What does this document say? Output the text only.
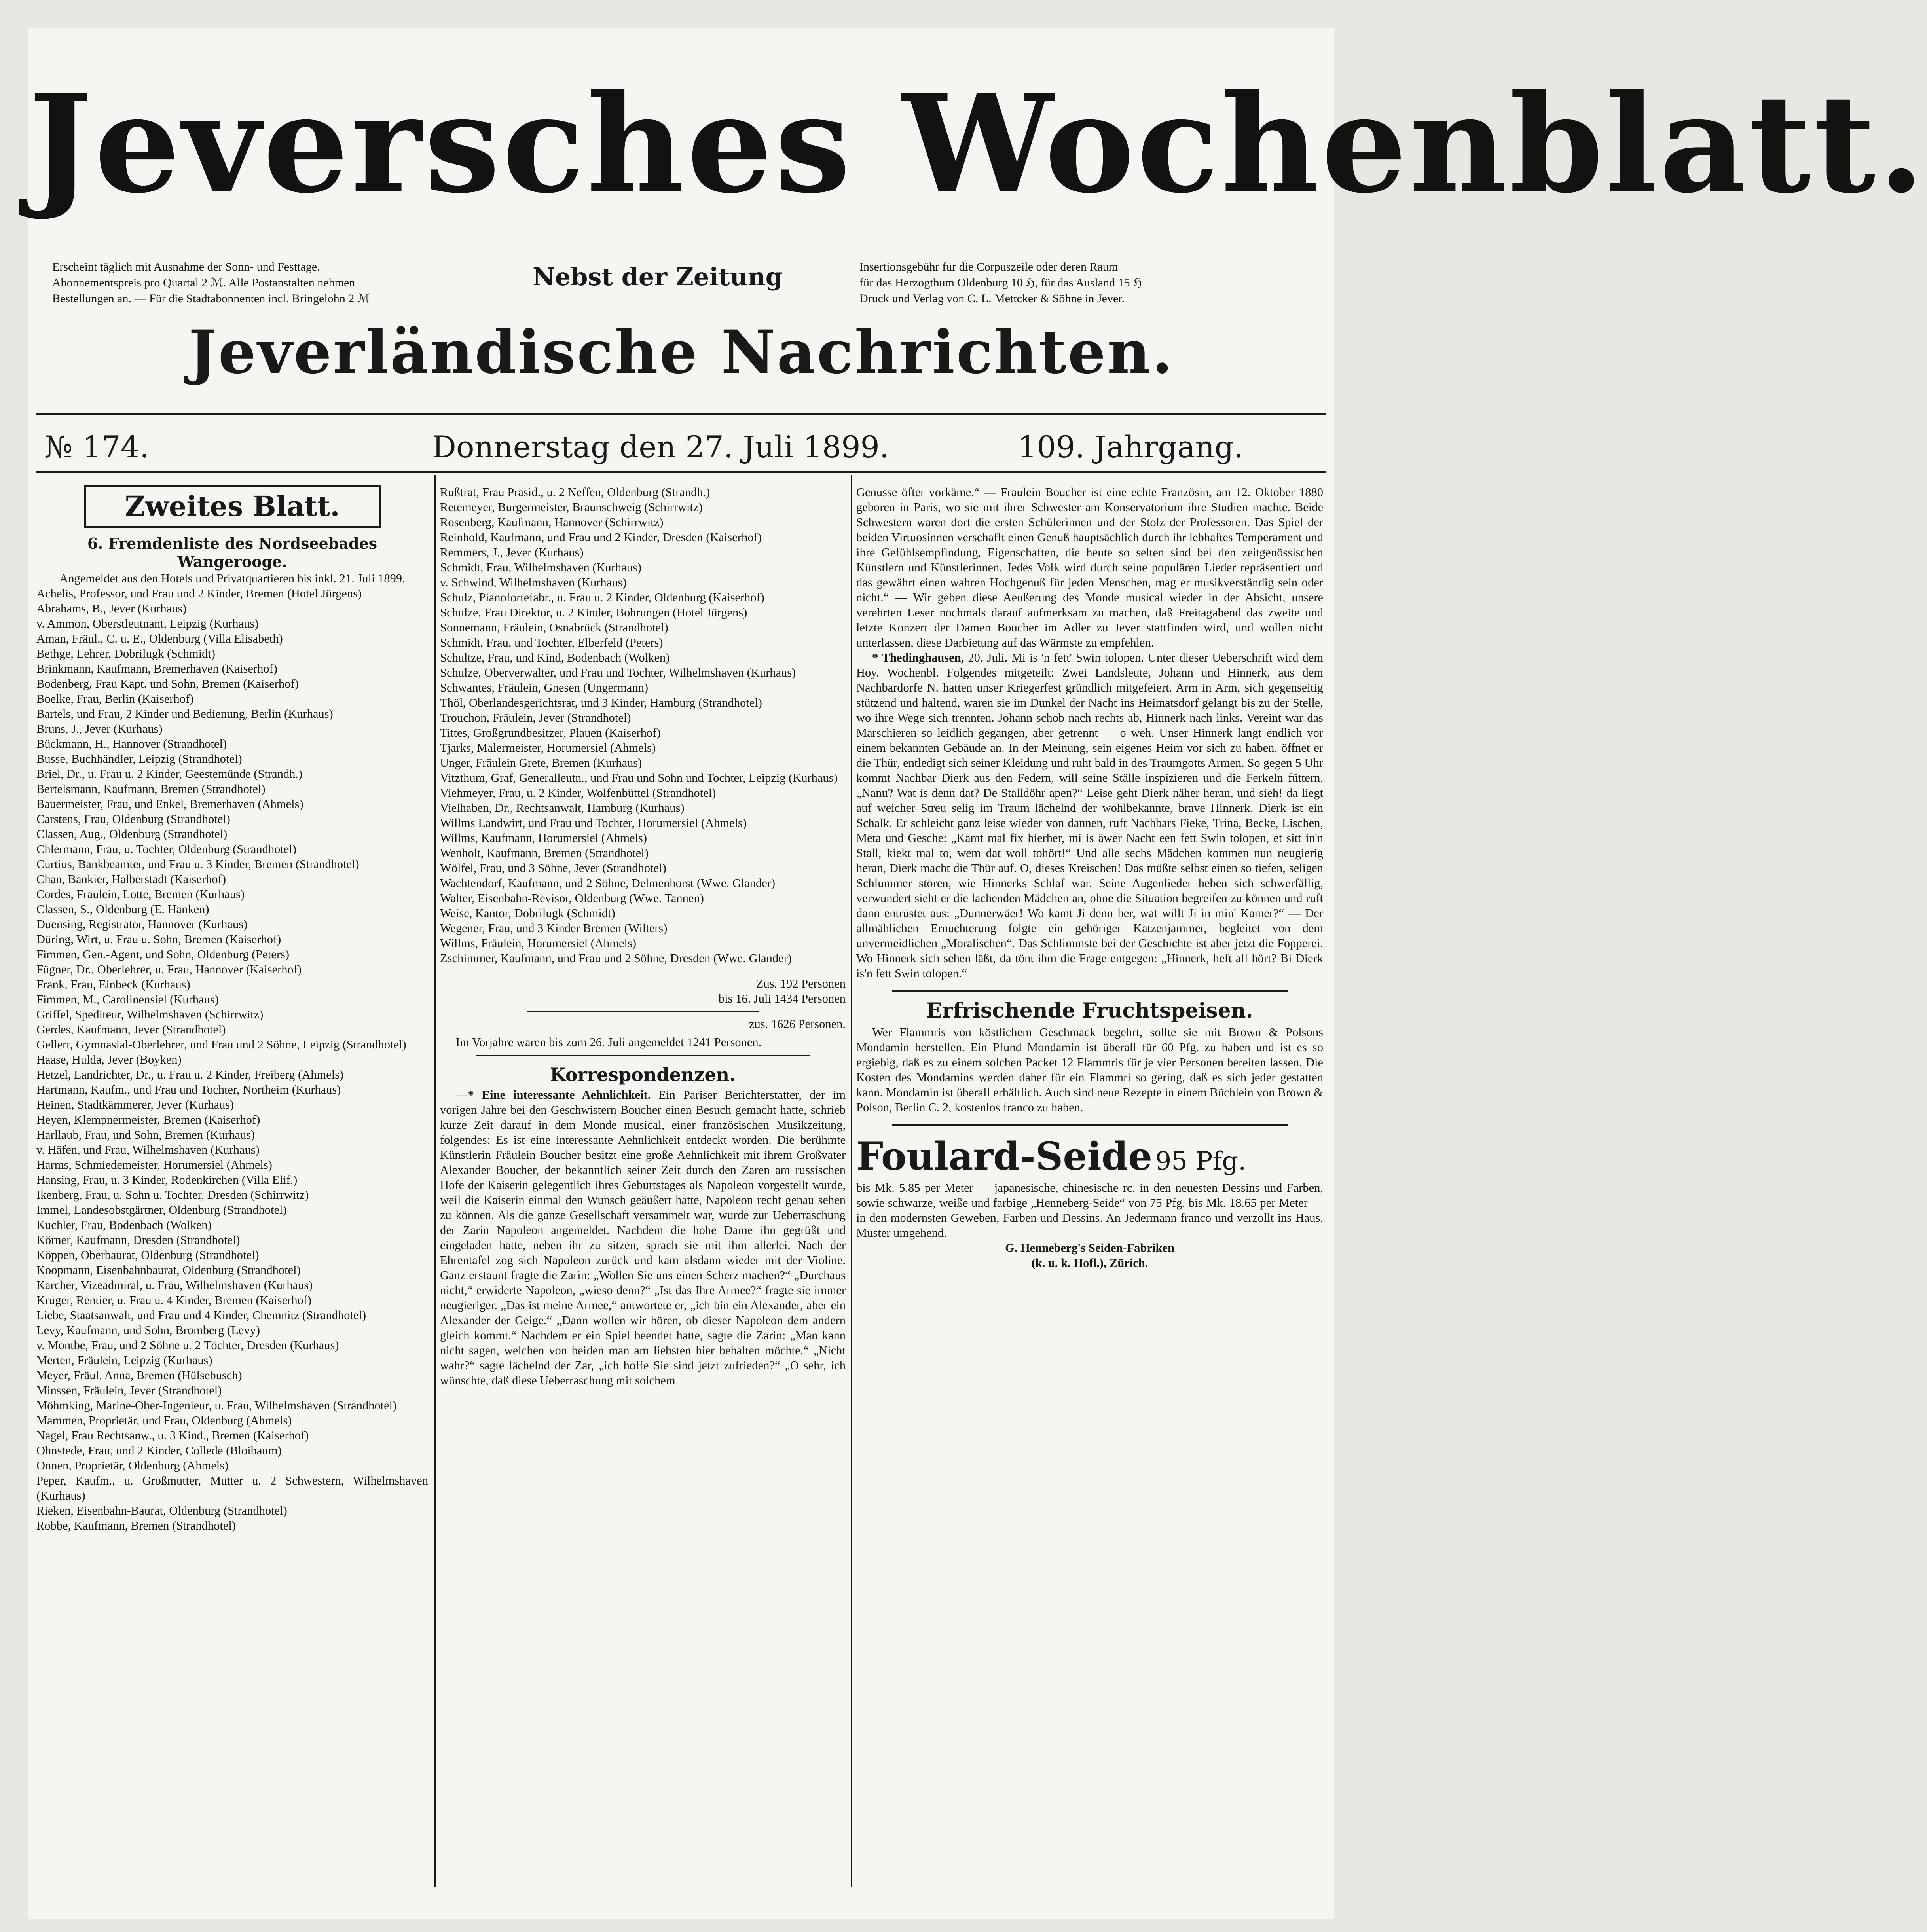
Jeversches Wochenblatt.
Erscheint täglich mit Ausnahme der Sonn- und Festtage.
Abonnementspreis pro Quartal 2 ℳ. Alle Postanstalten nehmen
Bestellungen an. — Für die Stadtabonnenten incl. Bringelohn 2 ℳ
Nebst der Zeitung	Insertionsgebühr für die Corpuszeile oder deren Raum
für das Herzogthum Oldenburg 10 ℌ, für das Ausland 15 ℌ
Druck und Verlag von C. L. Mettcker & Söhne in Jever.
Jeverländische Nachrichten.
№ 174.	Donnerstag den 27. Juli 1899.	109. Jahrgang.
Zweites Blatt.

6. Fremdenliste des Nordseebades Wangerooge.

Angemeldet aus den Hotels und Privatquartieren bis inkl. 21. Juli 1899.

Achelis, Professor, und Frau und 2 Kinder, Bremen (Hotel Jürgens)

Abrahams, B., Jever (Kurhaus)

v. Ammon, Oberstleutnant, Leipzig (Kurhaus)

Aman, Fräul., C. u. E., Oldenburg (Villa Elisabeth)

Bethge, Lehrer, Dobrilugk (Schmidt)

Brinkmann, Kaufmann, Bremerhaven (Kaiserhof)

Bodenberg, Frau Kapt. und Sohn, Bremen (Kaiserhof)

Boelke, Frau, Berlin (Kaiserhof)

Bartels, und Frau, 2 Kinder und Bedienung, Berlin (Kurhaus)

Bruns, J., Jever (Kurhaus)

Bückmann, H., Hannover (Strandhotel)

Busse, Buchhändler, Leipzig (Strandhotel)

Briel, Dr., u. Frau u. 2 Kinder, Geestemünde (Strandh.)

Bertelsmann, Kaufmann, Bremen (Strandhotel)

Bauermeister, Frau, und Enkel, Bremerhaven (Ahmels)

Carstens, Frau, Oldenburg (Strandhotel)

Classen, Aug., Oldenburg (Strandhotel)

Chlermann, Frau, u. Tochter, Oldenburg (Strandhotel)

Curtius, Bankbeamter, und Frau u. 3 Kinder, Bremen (Strandhotel)

Chan, Bankier, Halberstadt (Kaiserhof)

Cordes, Fräulein, Lotte, Bremen (Kurhaus)

Classen, S., Oldenburg (E. Hanken)

Duensing, Registrator, Hannover (Kurhaus)

Düring, Wirt, u. Frau u. Sohn, Bremen (Kaiserhof)

Fimmen, Gen.-Agent, und Sohn, Oldenburg (Peters)

Fügner, Dr., Oberlehrer, u. Frau, Hannover (Kaiserhof)

Frank, Frau, Einbeck (Kurhaus)

Fimmen, M., Carolinensiel (Kurhaus)

Griffel, Spediteur, Wilhelmshaven (Schirrwitz)

Gerdes, Kaufmann, Jever (Strandhotel)

Gellert, Gymnasial-Oberlehrer, und Frau und 2 Söhne, Leipzig (Strandhotel)

Haase, Hulda, Jever (Boyken)

Hetzel, Landrichter, Dr., u. Frau u. 2 Kinder, Freiberg (Ahmels)

Hartmann, Kaufm., und Frau und Tochter, Northeim (Kurhaus)

Heinen, Stadtkämmerer, Jever (Kurhaus)

Heyen, Klempnermeister, Bremen (Kaiserhof)

Harllaub, Frau, und Sohn, Bremen (Kurhaus)

v. Häfen, und Frau, Wilhelmshaven (Kurhaus)

Harms, Schmiedemeister, Horumersiel (Ahmels)

Hansing, Frau, u. 3 Kinder, Rodenkirchen (Villa Elif.)

Ikenberg, Frau, u. Sohn u. Tochter, Dresden (Schirrwitz)

Immel, Landesobstgärtner, Oldenburg (Strandhotel)

Kuchler, Frau, Bodenbach (Wolken)

Körner, Kaufmann, Dresden (Strandhotel)

Köppen, Oberbaurat, Oldenburg (Strandhotel)

Koopmann, Eisenbahnbaurat, Oldenburg (Strandhotel)

Karcher, Vizeadmiral, u. Frau, Wilhelmshaven (Kurhaus)

Krüger, Rentier, u. Frau u. 4 Kinder, Bremen (Kaiserhof)

Liebe, Staatsanwalt, und Frau und 4 Kinder, Chemnitz (Strandhotel)

Levy, Kaufmann, und Sohn, Bromberg (Levy)

v. Montbe, Frau, und 2 Söhne u. 2 Töchter, Dresden (Kurhaus)

Merten, Fräulein, Leipzig (Kurhaus)

Meyer, Fräul. Anna, Bremen (Hülsebusch)

Minssen, Fräulein, Jever (Strandhotel)

Möhmking, Marine-Ober-Ingenieur, u. Frau, Wilhelmshaven (Strandhotel)

Mammen, Proprietär, und Frau, Oldenburg (Ahmels)

Nagel, Frau Rechtsanw., u. 3 Kind., Bremen (Kaiserhof)

Ohnstede, Frau, und 2 Kinder, Collede (Bloibaum)

Onnen, Proprietär, Oldenburg (Ahmels)

Peper, Kaufm., u. Großmutter, Mutter u. 2 Schwestern, Wilhelmshaven (Kurhaus)

Rieken, Eisenbahn-Baurat, Oldenburg (Strandhotel)

Robbe, Kaufmann, Bremen (Strandhotel)

Rußtrat, Frau Präsid., u. 2 Neffen, Oldenburg (Strandh.)

Retemeyer, Bürgermeister, Braunschweig (Schirrwitz)

Rosenberg, Kaufmann, Hannover (Schirrwitz)

Reinhold, Kaufmann, und Frau und 2 Kinder, Dresden (Kaiserhof)

Remmers, J., Jever (Kurhaus)

Schmidt, Frau, Wilhelmshaven (Kurhaus)

v. Schwind, Wilhelmshaven (Kurhaus)

Schulz, Pianofortefabr., u. Frau u. 2 Kinder, Oldenburg (Kaiserhof)

Schulze, Frau Direktor, u. 2 Kinder, Bohrungen (Hotel Jürgens)

Sonnemann, Fräulein, Osnabrück (Strandhotel)

Schmidt, Frau, und Tochter, Elberfeld (Peters)

Schultze, Frau, und Kind, Bodenbach (Wolken)

Schulze, Oberverwalter, und Frau und Tochter, Wilhelmshaven (Kurhaus)

Schwantes, Fräulein, Gnesen (Ungermann)

Thöl, Oberlandesgerichtsrat, und 3 Kinder, Hamburg (Strandhotel)

Trouchon, Fräulein, Jever (Strandhotel)

Tittes, Großgrundbesitzer, Plauen (Kaiserhof)

Tjarks, Malermeister, Horumersiel (Ahmels)

Unger, Fräulein Grete, Bremen (Kurhaus)

Vitzthum, Graf, Generalleutn., und Frau und Sohn und Tochter, Leipzig (Kurhaus)

Viehmeyer, Frau, u. 2 Kinder, Wolfenbüttel (Strandhotel)

Vielhaben, Dr., Rechtsanwalt, Hamburg (Kurhaus)

Willms Landwirt, und Frau und Tochter, Horumersiel (Ahmels)

Willms, Kaufmann, Horumersiel (Ahmels)

Wenholt, Kaufmann, Bremen (Strandhotel)

Wölfel, Frau, und 3 Söhne, Jever (Strandhotel)

Wachtendorf, Kaufmann, und 2 Söhne, Delmenhorst (Wwe. Glander)

Walter, Eisenbahn-Revisor, Oldenburg (Wwe. Tannen)

Weise, Kantor, Dobrilugk (Schmidt)

Wegener, Frau, und 3 Kinder Bremen (Wilters)

Willms, Fräulein, Horumersiel (Ahmels)

Zschimmer, Kaufmann, und Frau und 2 Söhne, Dresden (Wwe. Glander)

Zus. 192 Personen

bis 16. Juli 1434 Personen

zus. 1626 Personen.

Im Vorjahre waren bis zum 26. Juli angemeldet 1241 Personen.

Korrespondenzen.

—* Eine interessante Aehnlichkeit. Ein Pariser Berichterstatter, der im vorigen Jahre bei den Geschwistern Boucher einen Besuch gemacht hatte, schrieb kurze Zeit darauf in dem Monde musical, einer französischen Musikzeitung, folgendes: Es ist eine interessante Aehnlichkeit entdeckt worden. Die berühmte Künstlerin Fräulein Boucher besitzt eine große Aehnlichkeit mit ihrem Großvater Alexander Boucher, der bekanntlich seiner Zeit durch den Zaren am russischen Hofe der Kaiserin gelegentlich ihres Geburtstages als Napoleon vorgestellt wurde, weil die Kaiserin einmal den Wunsch geäußert hatte, Napoleon recht genau sehen zu können. Als die ganze Gesellschaft versammelt war, wurde zur Ueberraschung der Zarin Napoleon angemeldet. Nachdem die hohe Dame ihn gegrüßt und eingeladen hatte, neben ihr zu sitzen, sprach sie mit ihm allerlei. Nach der Ehrentafel zog sich Napoleon zurück und kam alsdann wieder mit der Violine. Ganz erstaunt fragte die Zarin: „Wollen Sie uns einen Scherz machen?“ „Durchaus nicht,“ erwiderte Napoleon, „wieso denn?“ „Ist das Ihre Armee?“ fragte sie immer neugieriger. „Das ist meine Armee,“ antwortete er, „ich bin ein Alexander, aber ein Alexander der Geige.“ „Dann wollen wir hören, ob dieser Napoleon dem andern gleich kommt.“ Nachdem er ein Spiel beendet hatte, sagte die Zarin: „Man kann nicht sagen, welchen von beiden man am liebsten hier behalten möchte.“ „Nicht wahr?“ sagte lächelnd der Zar, „ich hoffe Sie sind jetzt zufrieden?“ „O sehr, ich wünschte, daß diese Ueberraschung mit solchem

Genusse öfter vorkäme.“ — Fräulein Boucher ist eine echte Französin, am 12. Oktober 1880 geboren in Paris, wo sie mit ihrer Schwester am Konservatorium ihre Studien machte. Beide Schwestern waren dort die ersten Schülerinnen und der Stolz der Professoren. Das Spiel der beiden Virtuosinnen verschafft einen Genuß hauptsächlich durch ihr lebhaftes Temperament und ihre Gefühlsempfindung, Eigenschaften, die heute so selten sind bei den zeitgenössischen Künstlern und Künstlerinnen. Jedes Volk wird durch seine populären Lieder repräsentiert und das gewährt einen wahren Hochgenuß für jeden Menschen, mag er musikverständig sein oder nicht.“ — Wir geben diese Aeußerung des Monde musical wieder in der Absicht, unsere verehrten Leser nochmals darauf aufmerksam zu machen, daß Freitagabend das zweite und letzte Konzert der Damen Boucher im Adler zu Jever stattfinden wird, und wollen nicht unterlassen, diese Darbietung auf das Wärmste zu empfehlen.

* Thedinghausen, 20. Juli. Mi is 'n fett' Swin tolopen. Unter dieser Ueberschrift wird dem Hoy. Wochenbl. Folgendes mitgeteilt: Zwei Landsleute, Johann und Hinnerk, aus dem Nachbardorfe N. hatten unser Kriegerfest gründlich mitgefeiert. Arm in Arm, sich gegenseitig stützend und haltend, waren sie im Dunkel der Nacht ins Heimatsdorf gelangt bis zu der Stelle, wo ihre Wege sich trennten. Johann schob nach rechts ab, Hinnerk nach links. Vereint war das Marschieren so leidlich gegangen, aber getrennt — o weh. Unser Hinnerk langt endlich vor einem bekannten Gebäude an. In der Meinung, sein eigenes Heim vor sich zu haben, öffnet er die Thür, entledigt sich seiner Kleidung und ruht bald in des Traumgotts Armen. So gegen 5 Uhr kommt Nachbar Dierk aus den Federn, will seine Ställe inspizieren und die Ferkeln füttern. „Nanu? Wat is denn dat? De Stalldöhr apen?“ Leise geht Dierk näher heran, und sieh! da liegt auf weicher Streu selig im Traum lächelnd der wohlbekannte, brave Hinnerk. Dierk ist ein Schalk. Er schleicht ganz leise wieder von dannen, ruft Nachbars Fieke, Trina, Becke, Lischen, Meta und Gesche: „Kamt mal fix hierher, mi is äwer Nacht een fett Swin tolopen, et sitt in'n Stall, kiekt mal to, wem dat woll tohört!“ Und alle sechs Mädchen kommen nun neugierig heran, Dierk macht die Thür auf. O, dieses Kreischen! Das müßte selbst einen so tiefen, seligen Schlummer stören, wie Hinnerks Schlaf war. Seine Augenlieder heben sich schwerfällig, verwundert sieht er die lachenden Mädchen an, ohne die Situation begreifen zu können und ruft dann entrüstet aus: „Dunnerwäer! Wo kamt Ji denn her, wat willt Ji in min' Kamer?“ — Der allmählichen Ernüchterung folgte ein gehöriger Katzenjammer, begleitet von dem unvermeidlichen „Moralischen“. Das Schlimmste bei der Geschichte ist aber jetzt die Fopperei. Wo Hinnerk sich sehen läßt, da tönt ihm die Frage entgegen: „Hinnerk, heft all hört? Bi Dierk is'n fett Swin tolopen.“

Erfrischende Fruchtspeisen.

Wer Flammris von köstlichem Geschmack begehrt, sollte sie mit Brown & Polsons Mondamin herstellen. Ein Pfund Mondamin ist überall für 60 Pfg. zu haben und ist es so ergiebig, daß es zu einem solchen Packet 12 Flammris für je vier Personen bereiten lassen. Die Kosten des Mondamins werden daher für ein Flammri so gering, daß es sich jeder gestatten kann. Mondamin ist überall erhältlich. Auch sind neue Rezepte in einem Büchlein von Brown & Polson, Berlin C. 2, kostenlos franco zu haben.

Foulard-Seide 95 Pfg.

bis Mk. 5.85 per Meter — japanesische, chinesische rc. in den neuesten Dessins und Farben, sowie schwarze, weiße und farbige „Henneberg-Seide“ von 75 Pfg. bis Mk. 18.65 per Meter — in den modernsten Geweben, Farben und Dessins. An Jedermann franco und verzollt ins Haus. Muster umgehend.

G. Henneberg's Seiden-Fabriken

(k. u. k. Hofl.), Zürich.
